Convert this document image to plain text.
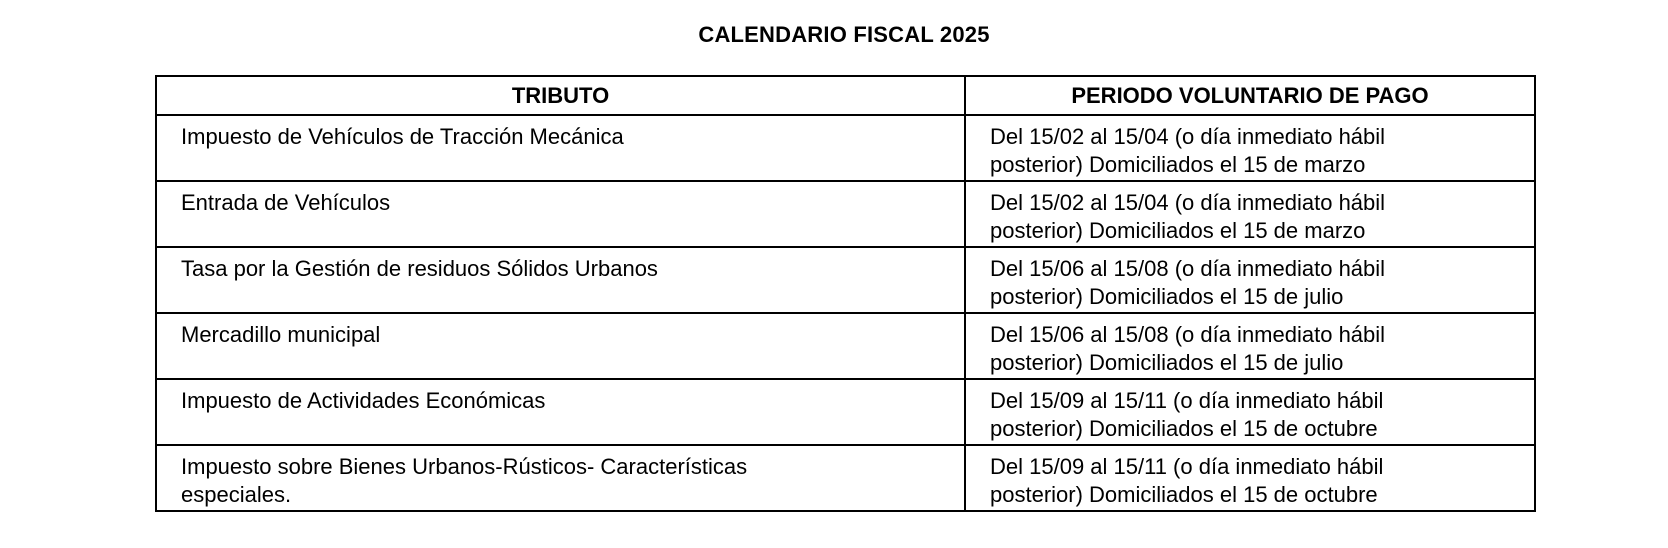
CALENDARIO FISCAL 2025
TRIBUTO	PERIODO VOLUNTARIO DE PAGO
Impuesto de Vehículos de Tracción Mecánica	Del 15/02 al 15/04 (o día inmediato hábil
posterior) Domiciliados el 15 de marzo
Entrada de Vehículos	Del 15/02 al 15/04 (o día inmediato hábil
posterior) Domiciliados el 15 de marzo
Tasa por la Gestión de residuos Sólidos Urbanos	Del 15/06 al 15/08 (o día inmediato hábil
posterior) Domiciliados el 15 de julio
Mercadillo municipal	Del 15/06 al 15/08 (o día inmediato hábil
posterior) Domiciliados el 15 de julio
Impuesto de Actividades Económicas	Del 15/09 al 15/11 (o día inmediato hábil
posterior) Domiciliados el 15 de octubre
Impuesto sobre Bienes Urbanos-Rústicos- Características
especiales.	Del 15/09 al 15/11 (o día inmediato hábil
posterior) Domiciliados el 15 de octubre
